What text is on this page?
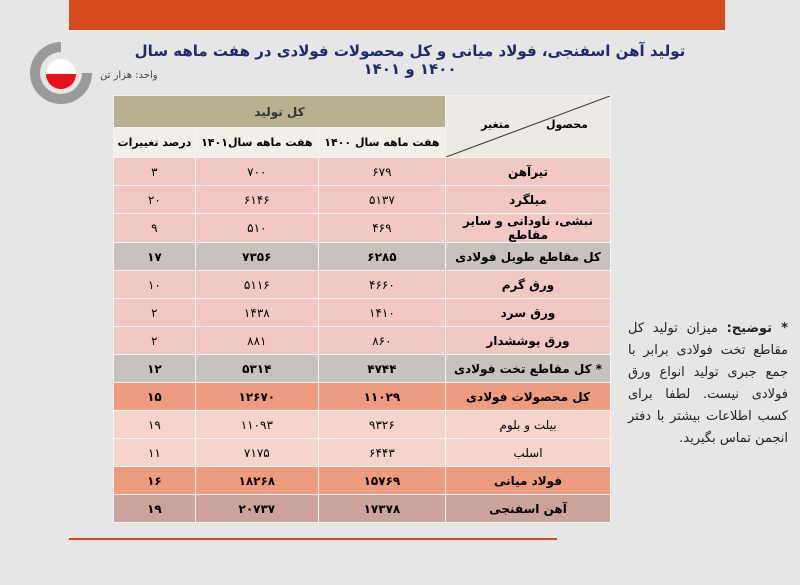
تولید آهن اسفنجی، فولاد میانی و کل محصولات فولادی در هفت ماهه سال ۱۴۰۰ و ۱۴۰۱
واحد: هزار تن
محصول
متغیر	کل تولید		
	هفت ماهه سال ۱۴۰۰	هفت ماهه سال۱۴۰۱	درصد تغییرات
تیرآهن	۶۷۹	۷۰۰	۳
میلگرد	۵۱۳۷	۶۱۴۶	۲۰
نبشی، ناودانی و سایر مقاطع	۴۶۹	۵۱۰	۹
کل مقاطع طویل فولادی	۶۲۸۵	۷۳۵۶	۱۷
ورق گرم	۴۶۶۰	۵۱۱۶	۱۰
ورق سرد	۱۴۱۰	۱۴۳۸	۲
ورق پوششدار	۸۶۰	۸۸۱	۲
* کل مقاطع تخت فولادی	۴۷۴۴	۵۳۱۴	۱۲
کل محصولات فولادی	۱۱۰۲۹	۱۲۶۷۰	۱۵
بیلت و بلوم	۹۳۲۶	۱۱۰۹۳	۱۹
اسلب	۶۴۴۳	۷۱۷۵	۱۱
فولاد میانی	۱۵۷۶۹	۱۸۲۶۸	۱۶
آهن اسفنجی	۱۷۳۷۸	۲۰۷۳۷	۱۹
* توضیح: میزان تولید کل مقاطع تخت فولادی برابر با جمع جبری تولید انواع ورق فولادی نیست. لطفا برای کسب اطلاعات بیشتر با دفتر انجمن تماس بگیرید.
